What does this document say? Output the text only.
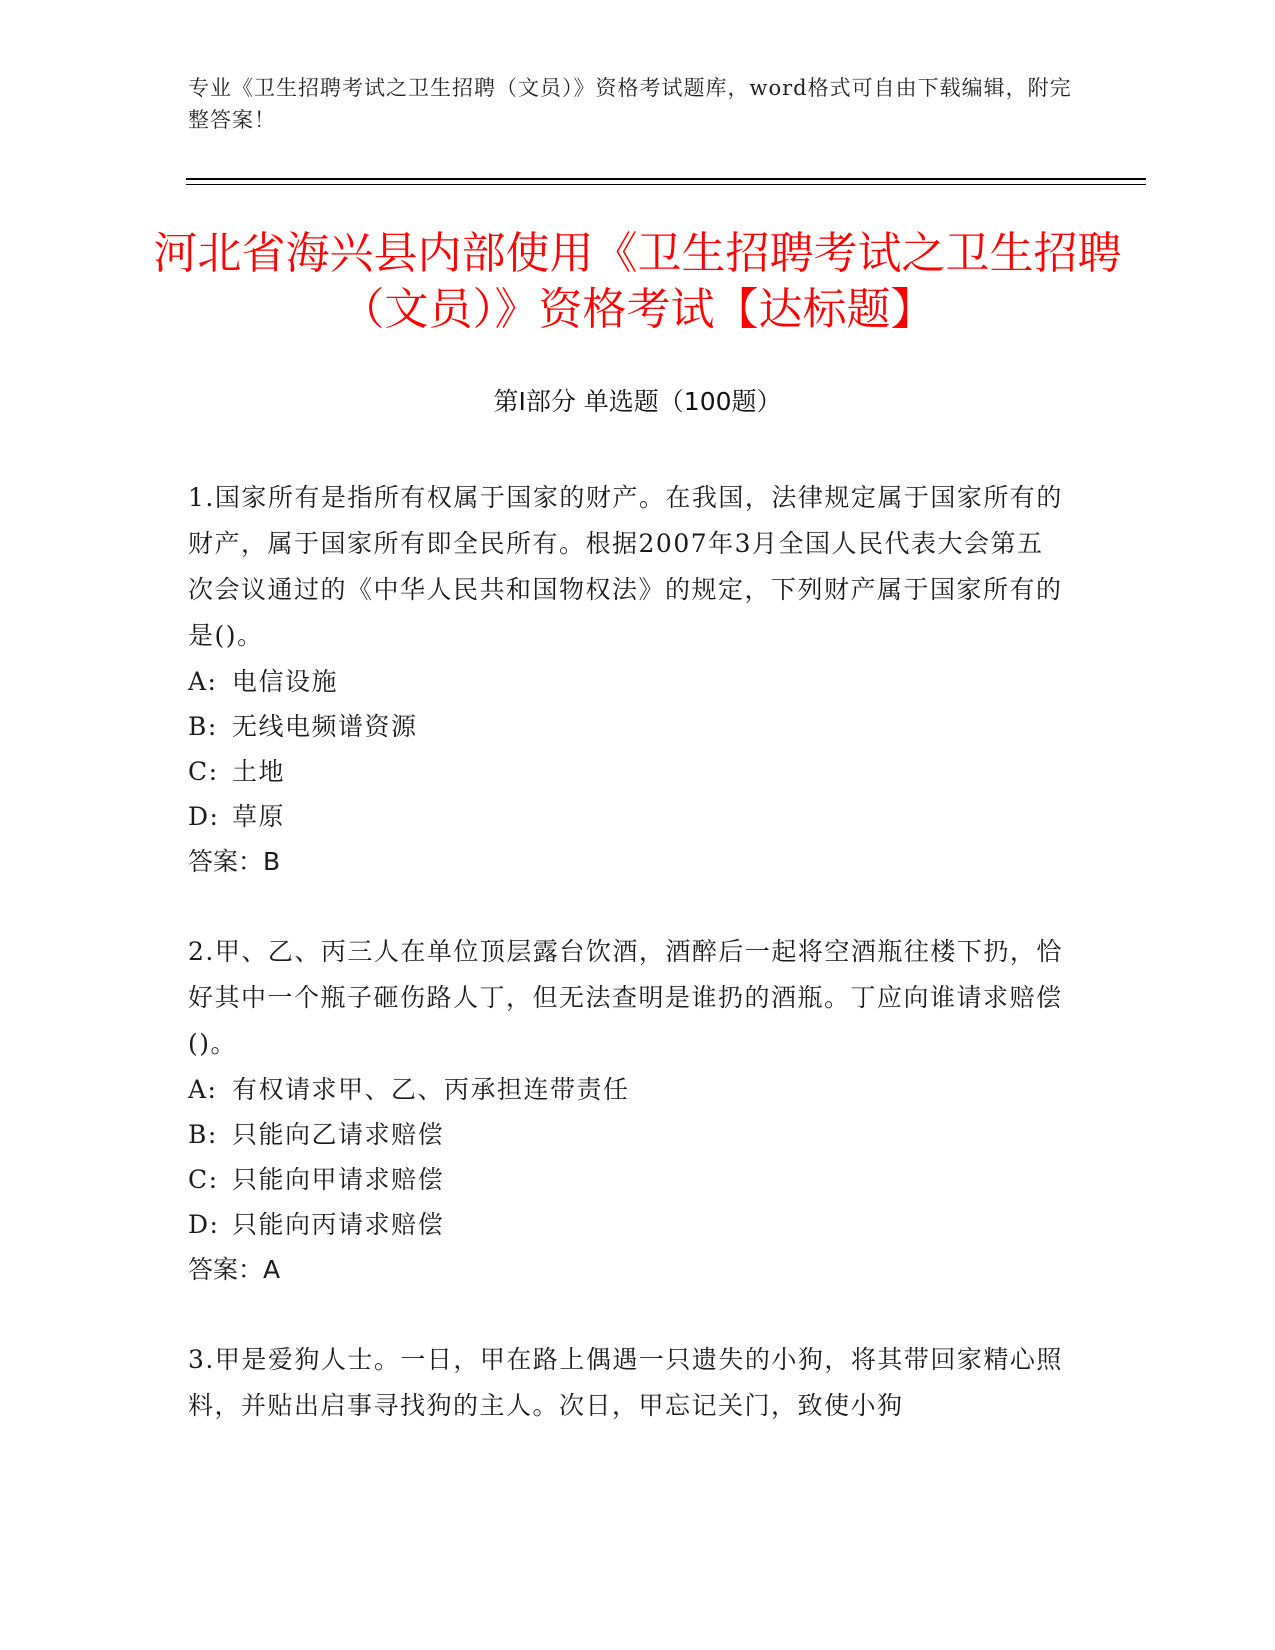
专业《卫生招聘考试之卫生招聘（文员）》资格考试题库，word格式可自由下载编辑，附完整答案！
河北省海兴县内部使用《卫生招聘考试之卫生招聘（文员）》资格考试【达标题】
第Ⅰ部分 单选题（100题）

1.国家所有是指所有权属于国家的财产。在我国，法律规定属于国家所有的财产，属于国家所有即全民所有。根据2007年3月全国人民代表大会第五次会议通过的《中华人民共和国物权法》的规定，下列财产属于国家所有的是()。

A: 电信设施

B: 无线电频谱资源

C: 土地

D: 草原

答案：B

2.甲、乙、丙三人在单位顶层露台饮酒，酒醉后一起将空酒瓶往楼下扔，恰好其中一个瓶子砸伤路人丁，但无法查明是谁扔的酒瓶。丁应向谁请求赔偿()。

A: 有权请求甲、乙、丙承担连带责任

B: 只能向乙请求赔偿

C: 只能向甲请求赔偿

D: 只能向丙请求赔偿

答案：A

3.甲是爱狗人士。一日，甲在路上偶遇一只遗失的小狗，将其带回家精心照料，并贴出启事寻找狗的主人。次日，甲忘记关门，致使小狗
